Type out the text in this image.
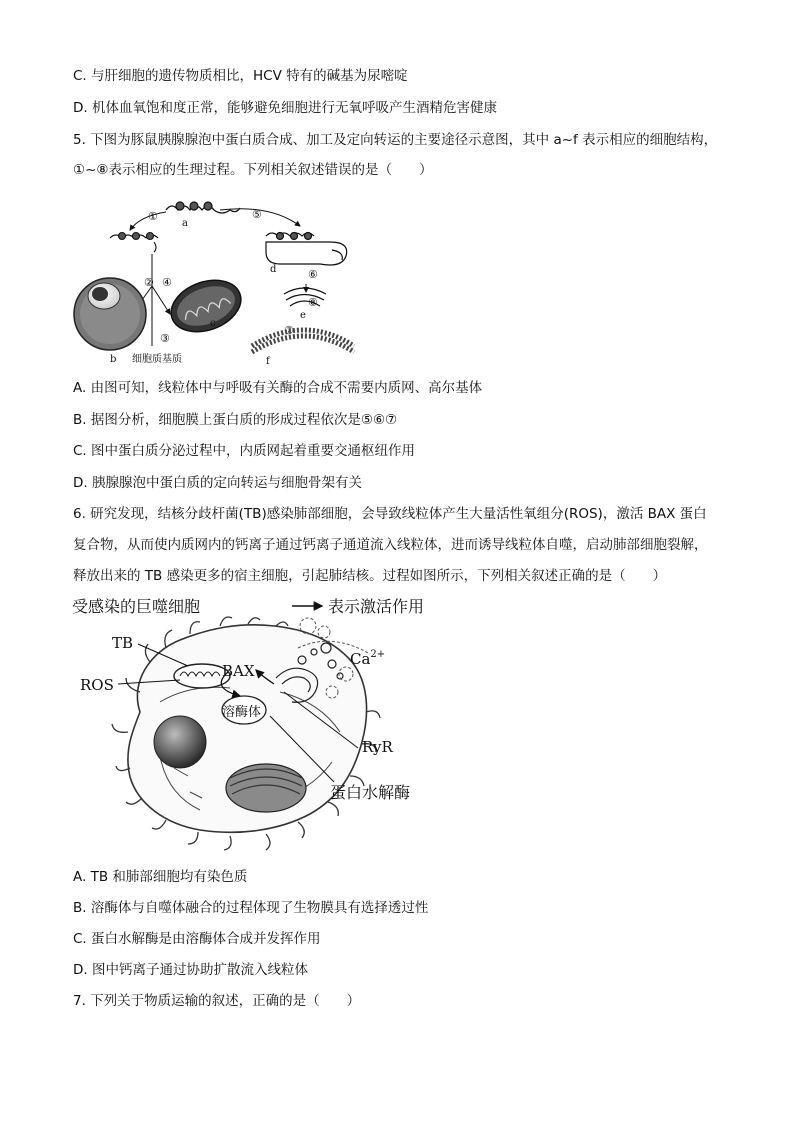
C. 与肝细胞的遗传物质相比，HCV 特有的碱基为尿嘧啶
D. 机体血氧饱和度正常，能够避免细胞进行无氧呼吸产生酒精危害健康
5. 下图为豚鼠胰腺腺泡中蛋白质合成、加工及定向转运的主要途径示意图，其中 a~f 表示相应的细胞结构，
①~⑧表示相应的生理过程。下列相关叙述错误的是（　　）
a
①	⑤
② ④
③
b
c
细胞质基质
d	⑥
e
⑦
⑧
f
A. 由图可知，线粒体中与呼吸有关酶的合成不需要内质网、高尔基体
B. 据图分析，细胞膜上蛋白质的形成过程依次是⑤⑥⑦
C. 图中蛋白质分泌过程中，内质网起着重要交通枢纽作用
D. 胰腺腺泡中蛋白质的定向转运与细胞骨架有关
6. 研究发现，结核分歧杆菌(TB)感染肺部细胞，会导致线粒体产生大量活性氧组分(ROS)，激活 BAX 蛋白
复合物，从而使内质网内的钙离子通过钙离子通道流入线粒体，进而诱导线粒体自噬，启动肺部细胞裂解，
释放出来的 TB 感染更多的宿主细胞，引起肺结核。过程如图所示，下列相关叙述正确的是（　　）
受感染的巨噬细胞	表示激活作用
溶酶体
TB
ROS
BAX
$Ca^{2+}$
RyR
蛋白水解酶
A. TB 和肺部细胞均有染色质
B. 溶酶体与自噬体融合的过程体现了生物膜具有选择透过性
C. 蛋白水解酶是由溶酶体合成并发挥作用
D. 图中钙离子通过协助扩散流入线粒体
7. 下列关于物质运输的叙述，正确的是（　　）
